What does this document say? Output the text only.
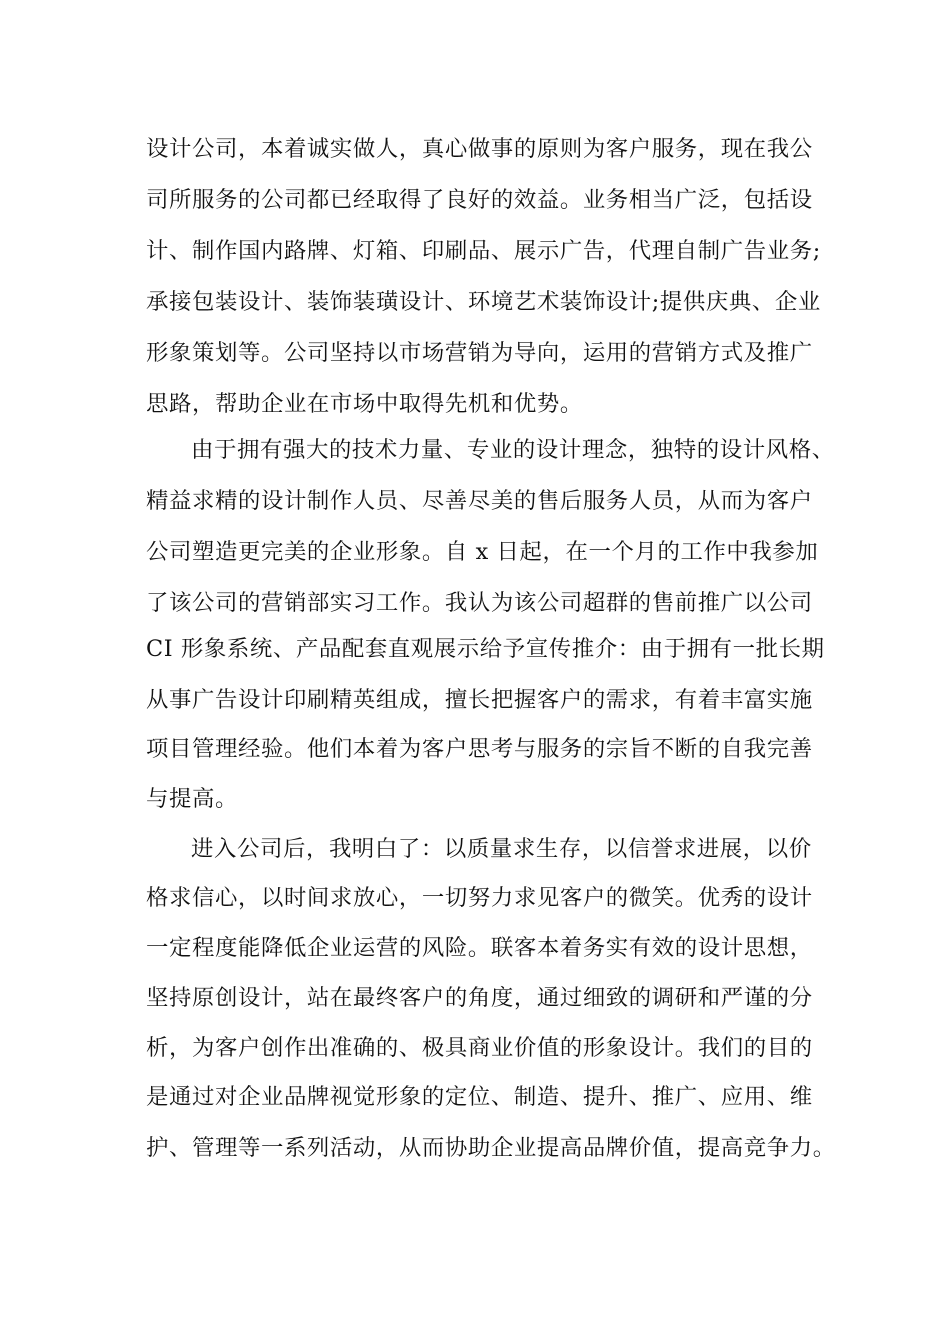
设计公司，本着诚实做人，真心做事的原则为客户服务，现在我公
司所服务的公司都已经取得了良好的效益。业务相当广泛，包括设
计、制作国内路牌、灯箱、印刷品、展示广告，代理自制广告业务;
承接包装设计、装饰装璜设计、环境艺术装饰设计;提供庆典、企业
形象策划等。公司坚持以市场营销为导向，运用的营销方式及推广
思路，帮助企业在市场中取得先机和优势。
由于拥有强大的技术力量、专业的设计理念，独特的设计风格、
精益求精的设计制作人员、尽善尽美的售后服务人员，从而为客户
公司塑造更完美的企业形象。自 x 日起，在一个月的工作中我参加
了该公司的营销部实习工作。我认为该公司超群的售前推广以公司
CI 形象系统、产品配套直观展示给予宣传推介：由于拥有一批长期
从事广告设计印刷精英组成，擅长把握客户的需求，有着丰富实施
项目管理经验。他们本着为客户思考与服务的宗旨不断的自我完善
与提高。
进入公司后，我明白了：以质量求生存，以信誉求进展，以价
格求信心，以时间求放心，一切努力求见客户的微笑。优秀的设计
一定程度能降低企业运营的风险。联客本着务实有效的设计思想，
坚持原创设计，站在最终客户的角度，通过细致的调研和严谨的分
析，为客户创作出准确的、极具商业价值的形象设计。我们的目的
是通过对企业品牌视觉形象的定位、制造、提升、推广、应用、维
护、管理等一系列活动，从而协助企业提高品牌价值，提高竞争力。
